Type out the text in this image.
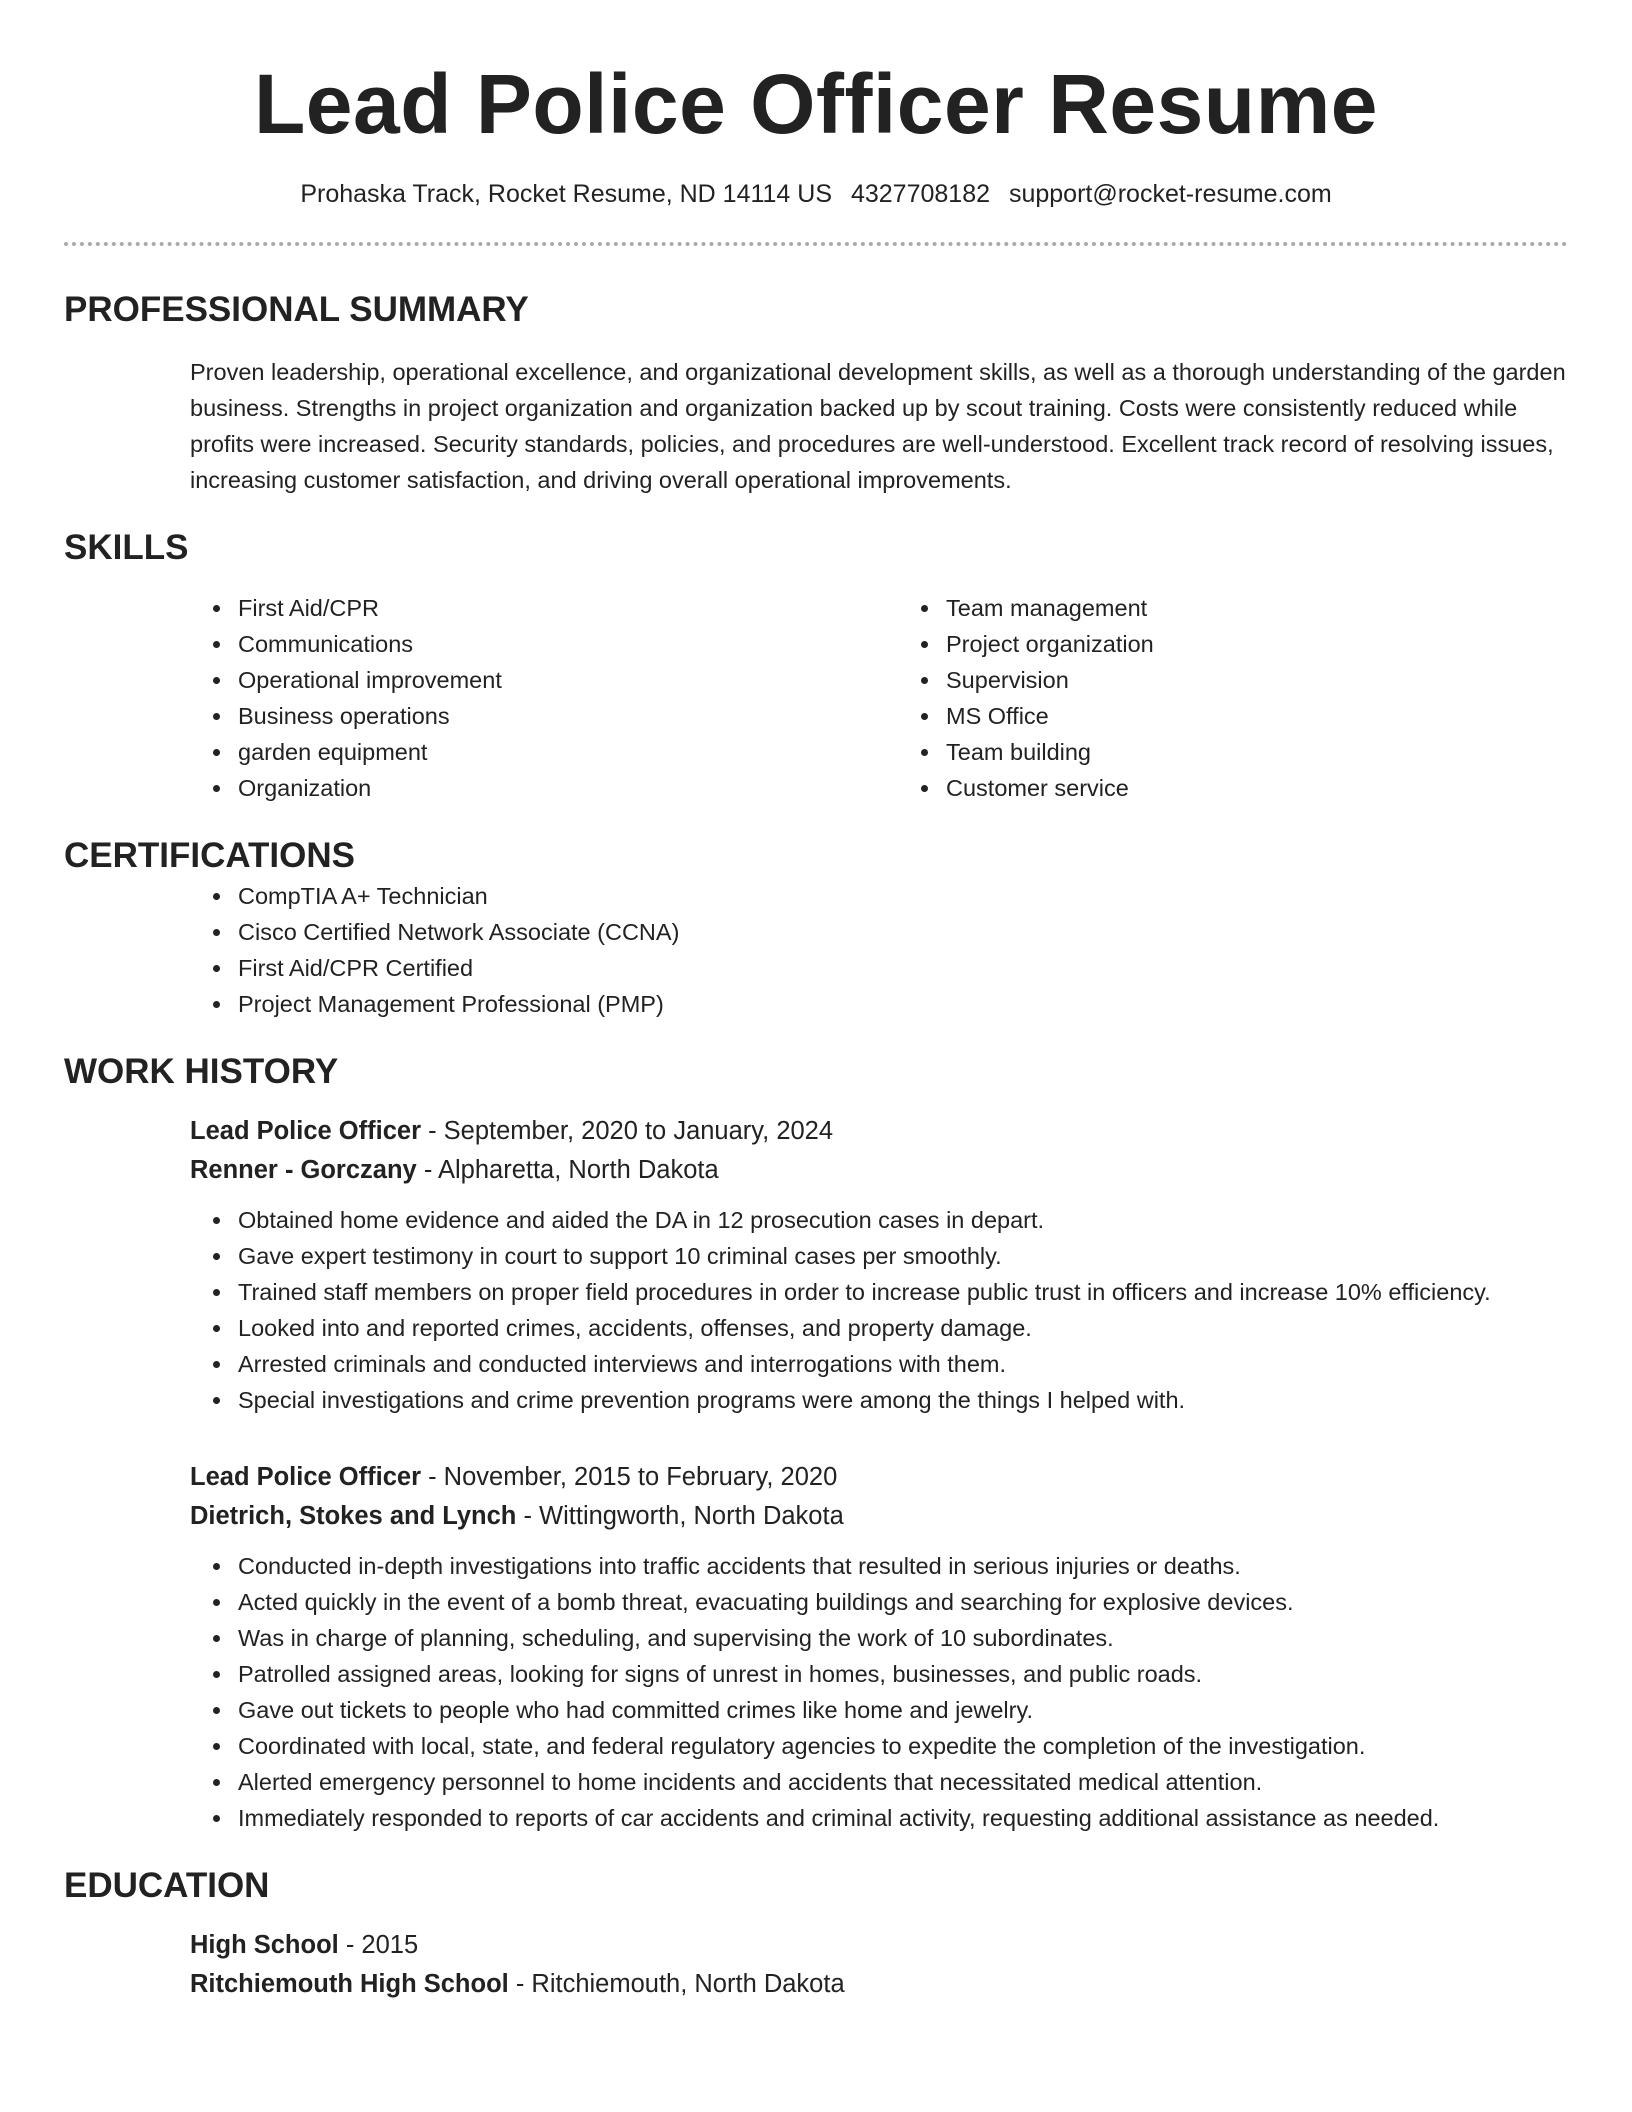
Lead Police Officer Resume
Prohaska Track, Rocket Resume, ND 14114 US 4327708182 support@rocket-resume.com
PROFESSIONAL SUMMARY
Proven leadership, operational excellence, and organizational development skills, as well as a thorough understanding of the garden business. Strengths in project organization and organization backed up by scout training. Costs were consistently reduced while profits were increased. Security standards, policies, and procedures are well-understood. Excellent track record of resolving issues, increasing customer satisfaction, and driving overall operational improvements.
SKILLS
• First Aid/CPR
• Communications
• Operational improvement
• Business operations
• garden equipment
• Organization
• Team management
• Project organization
• Supervision
• MS Office
• Team building
• Customer service
CERTIFICATIONS
• CompTIA A+ Technician
• Cisco Certified Network Associate (CCNA)
• First Aid/CPR Certified
• Project Management Professional (PMP)
WORK HISTORY
Lead Police Officer - September, 2020 to January, 2024
Renner - Gorczany - Alpharetta, North Dakota
• Obtained home evidence and aided the DA in 12 prosecution cases in depart.
• Gave expert testimony in court to support 10 criminal cases per smoothly.
• Trained staff members on proper field procedures in order to increase public trust in officers and increase 10% efficiency.
• Looked into and reported crimes, accidents, offenses, and property damage.
• Arrested criminals and conducted interviews and interrogations with them.
• Special investigations and crime prevention programs were among the things I helped with.
Lead Police Officer - November, 2015 to February, 2020
Dietrich, Stokes and Lynch - Wittingworth, North Dakota
• Conducted in-depth investigations into traffic accidents that resulted in serious injuries or deaths.
• Acted quickly in the event of a bomb threat, evacuating buildings and searching for explosive devices.
• Was in charge of planning, scheduling, and supervising the work of 10 subordinates.
• Patrolled assigned areas, looking for signs of unrest in homes, businesses, and public roads.
• Gave out tickets to people who had committed crimes like home and jewelry.
• Coordinated with local, state, and federal regulatory agencies to expedite the completion of the investigation.
• Alerted emergency personnel to home incidents and accidents that necessitated medical attention.
• Immediately responded to reports of car accidents and criminal activity, requesting additional assistance as needed.
EDUCATION
High School - 2015
Ritchiemouth High School - Ritchiemouth, North Dakota
